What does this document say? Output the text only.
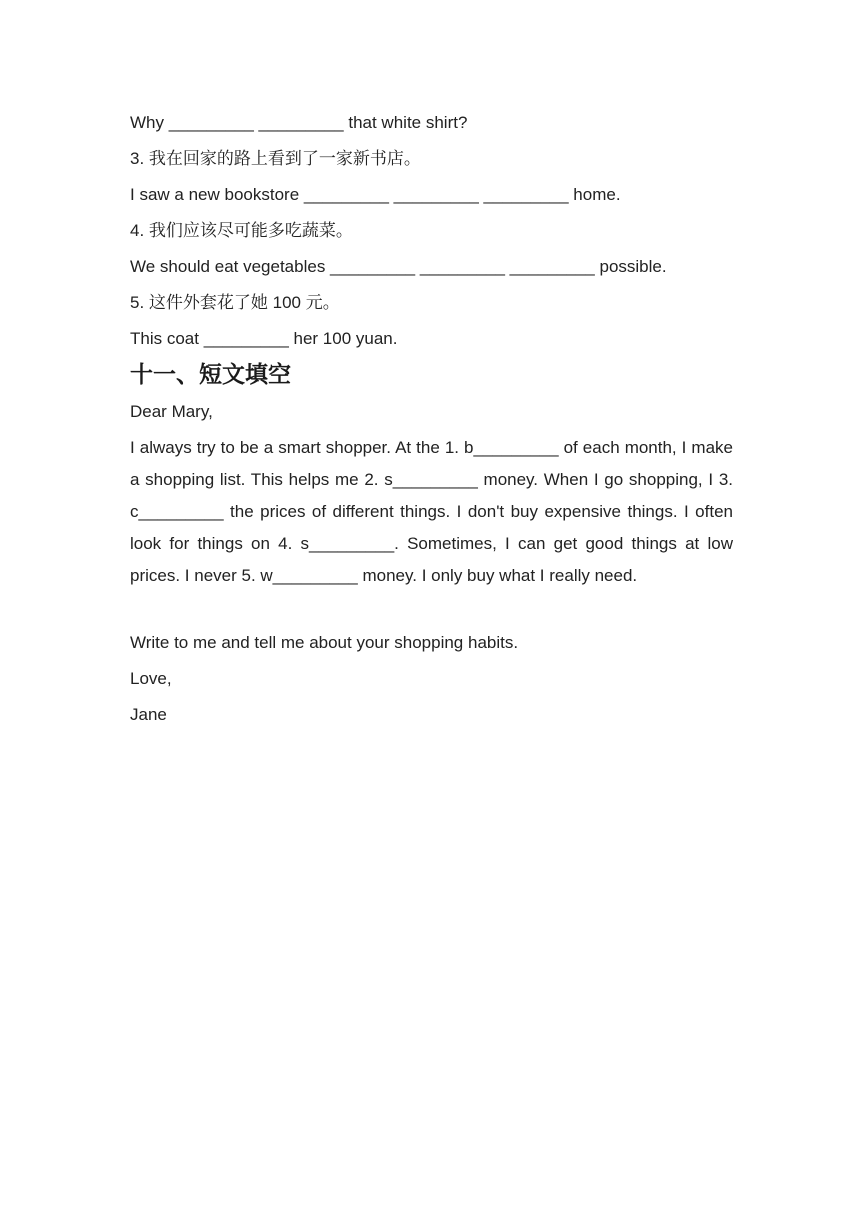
Why _________ _________ that white shirt?
3. 我在回家的路上看到了一家新书店。
I saw a new bookstore _________ _________ _________ home.
4. 我们应该尽可能多吃蔬菜。
We should eat vegetables _________ _________ _________ possible.
5. 这件外套花了她 100 元。
This coat _________ her 100 yuan.
十一、短文填空
Dear Mary,
I always try to be a smart shopper. At the 1. b_________ of each month, I make a shopping list. This helps me 2. s_________ money. When I go shopping, I 3. c_________ the prices of different things. I don't buy expensive things. I often look for things on 4. s_________. Sometimes, I can get good things at low prices. I never 5. w_________ money. I only buy what I really need.
Write to me and tell me about your shopping habits.
Love,
Jane
